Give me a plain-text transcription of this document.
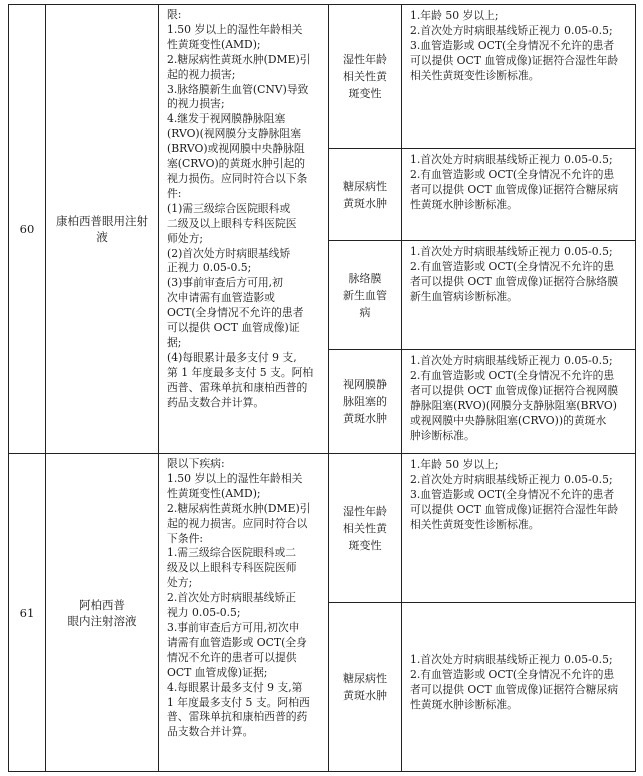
60
康柏西普眼用注射
液
限:
1.50 岁以上的湿性年龄相关
性黄斑变性(AMD);
2.糖尿病性黄斑水肿(DME)引
起的视力损害;
3.脉络膜新生血管(CNV)导致
的视力损害;
4.继发于视网膜静脉阻塞
(RVO)(视网膜分支静脉阻塞
(BRVO)或视网膜中央静脉阻
塞(CRVO)的黄斑水肿引起的
视力损伤。应同时符合以下条
件:
(1)需三级综合医院眼科或
二级及以上眼科专科医院医
师处方;
(2)首次处方时病眼基线矫
正视力 0.05-0.5;
(3)事前审查后方可用,初
次申请需有血管造影或
OCT(全身情况不允许的患者
可以提供 OCT 血管成像)证
据;
(4)每眼累计最多支付 9 支,
第 1 年度最多支付 5 支。阿柏
西普、雷珠单抗和康柏西普的
药品支数合并计算。
湿性年龄
相关性黄
斑变性
1.年龄 50 岁以上;
2.首次处方时病眼基线矫正视力 0.05-0.5;
3.血管造影或 OCT(全身情况不允许的患者
可以提供 OCT 血管成像)证据符合湿性年龄
相关性黄斑变性诊断标准。
糖尿病性
黄斑水肿
1.首次处方时病眼基线矫正视力 0.05-0.5;
2.有血管造影或 OCT(全身情况不允许的患
者可以提供 OCT 血管成像)证据符合糖尿病
性黄斑水肿诊断标准。
脉络膜
新生血管
病
1.首次处方时病眼基线矫正视力 0.05-0.5;
2.有血管造影或 OCT(全身情况不允许的患
者可以提供 OCT 血管成像)证据符合脉络膜
新生血管病诊断标准。
视网膜静
脉阻塞的
黄斑水肿
1.首次处方时病眼基线矫正视力 0.05-0.5;
2.有血管造影或 OCT(全身情况不允许的患
者可以提供 OCT 血管成像)证据符合视网膜
静脉阻塞(RVO)(网膜分支静脉阻塞(BRVO)
或视网膜中央静脉阻塞(CRVO))的黄斑水
肿诊断标准。
61
阿柏西普
眼内注射溶液
限以下疾病:
1.50 岁以上的湿性年龄相关
性黄斑变性(AMD);
2.糖尿病性黄斑水肿(DME)引
起的视力损害。应同时符合以
下条件:
1.需三级综合医院眼科或二
级及以上眼科专科医院医师
处方;
2.首次处方时病眼基线矫正
视力 0.05-0.5;
3.事前审查后方可用,初次申
请需有血管造影或 OCT(全身
情况不允许的患者可以提供
OCT 血管成像)证据;
4.每眼累计最多支付 9 支,第
1 年度最多支付 5 支。阿柏西
普、雷珠单抗和康柏西普的药
品支数合并计算。
湿性年龄
相关性黄
斑变性
1.年龄 50 岁以上;
2.首次处方时病眼基线矫正视力 0.05-0.5;
3.血管造影或 OCT(全身情况不允许的患者
可以提供 OCT 血管成像)证据符合湿性年龄
相关性黄斑变性诊断标准。
糖尿病性
黄斑水肿
1.首次处方时病眼基线矫正视力 0.05-0.5;
2.有血管造影或 OCT(全身情况不允许的患
者可以提供 OCT 血管成像)证据符合糖尿病
性黄斑水肿诊断标准。
